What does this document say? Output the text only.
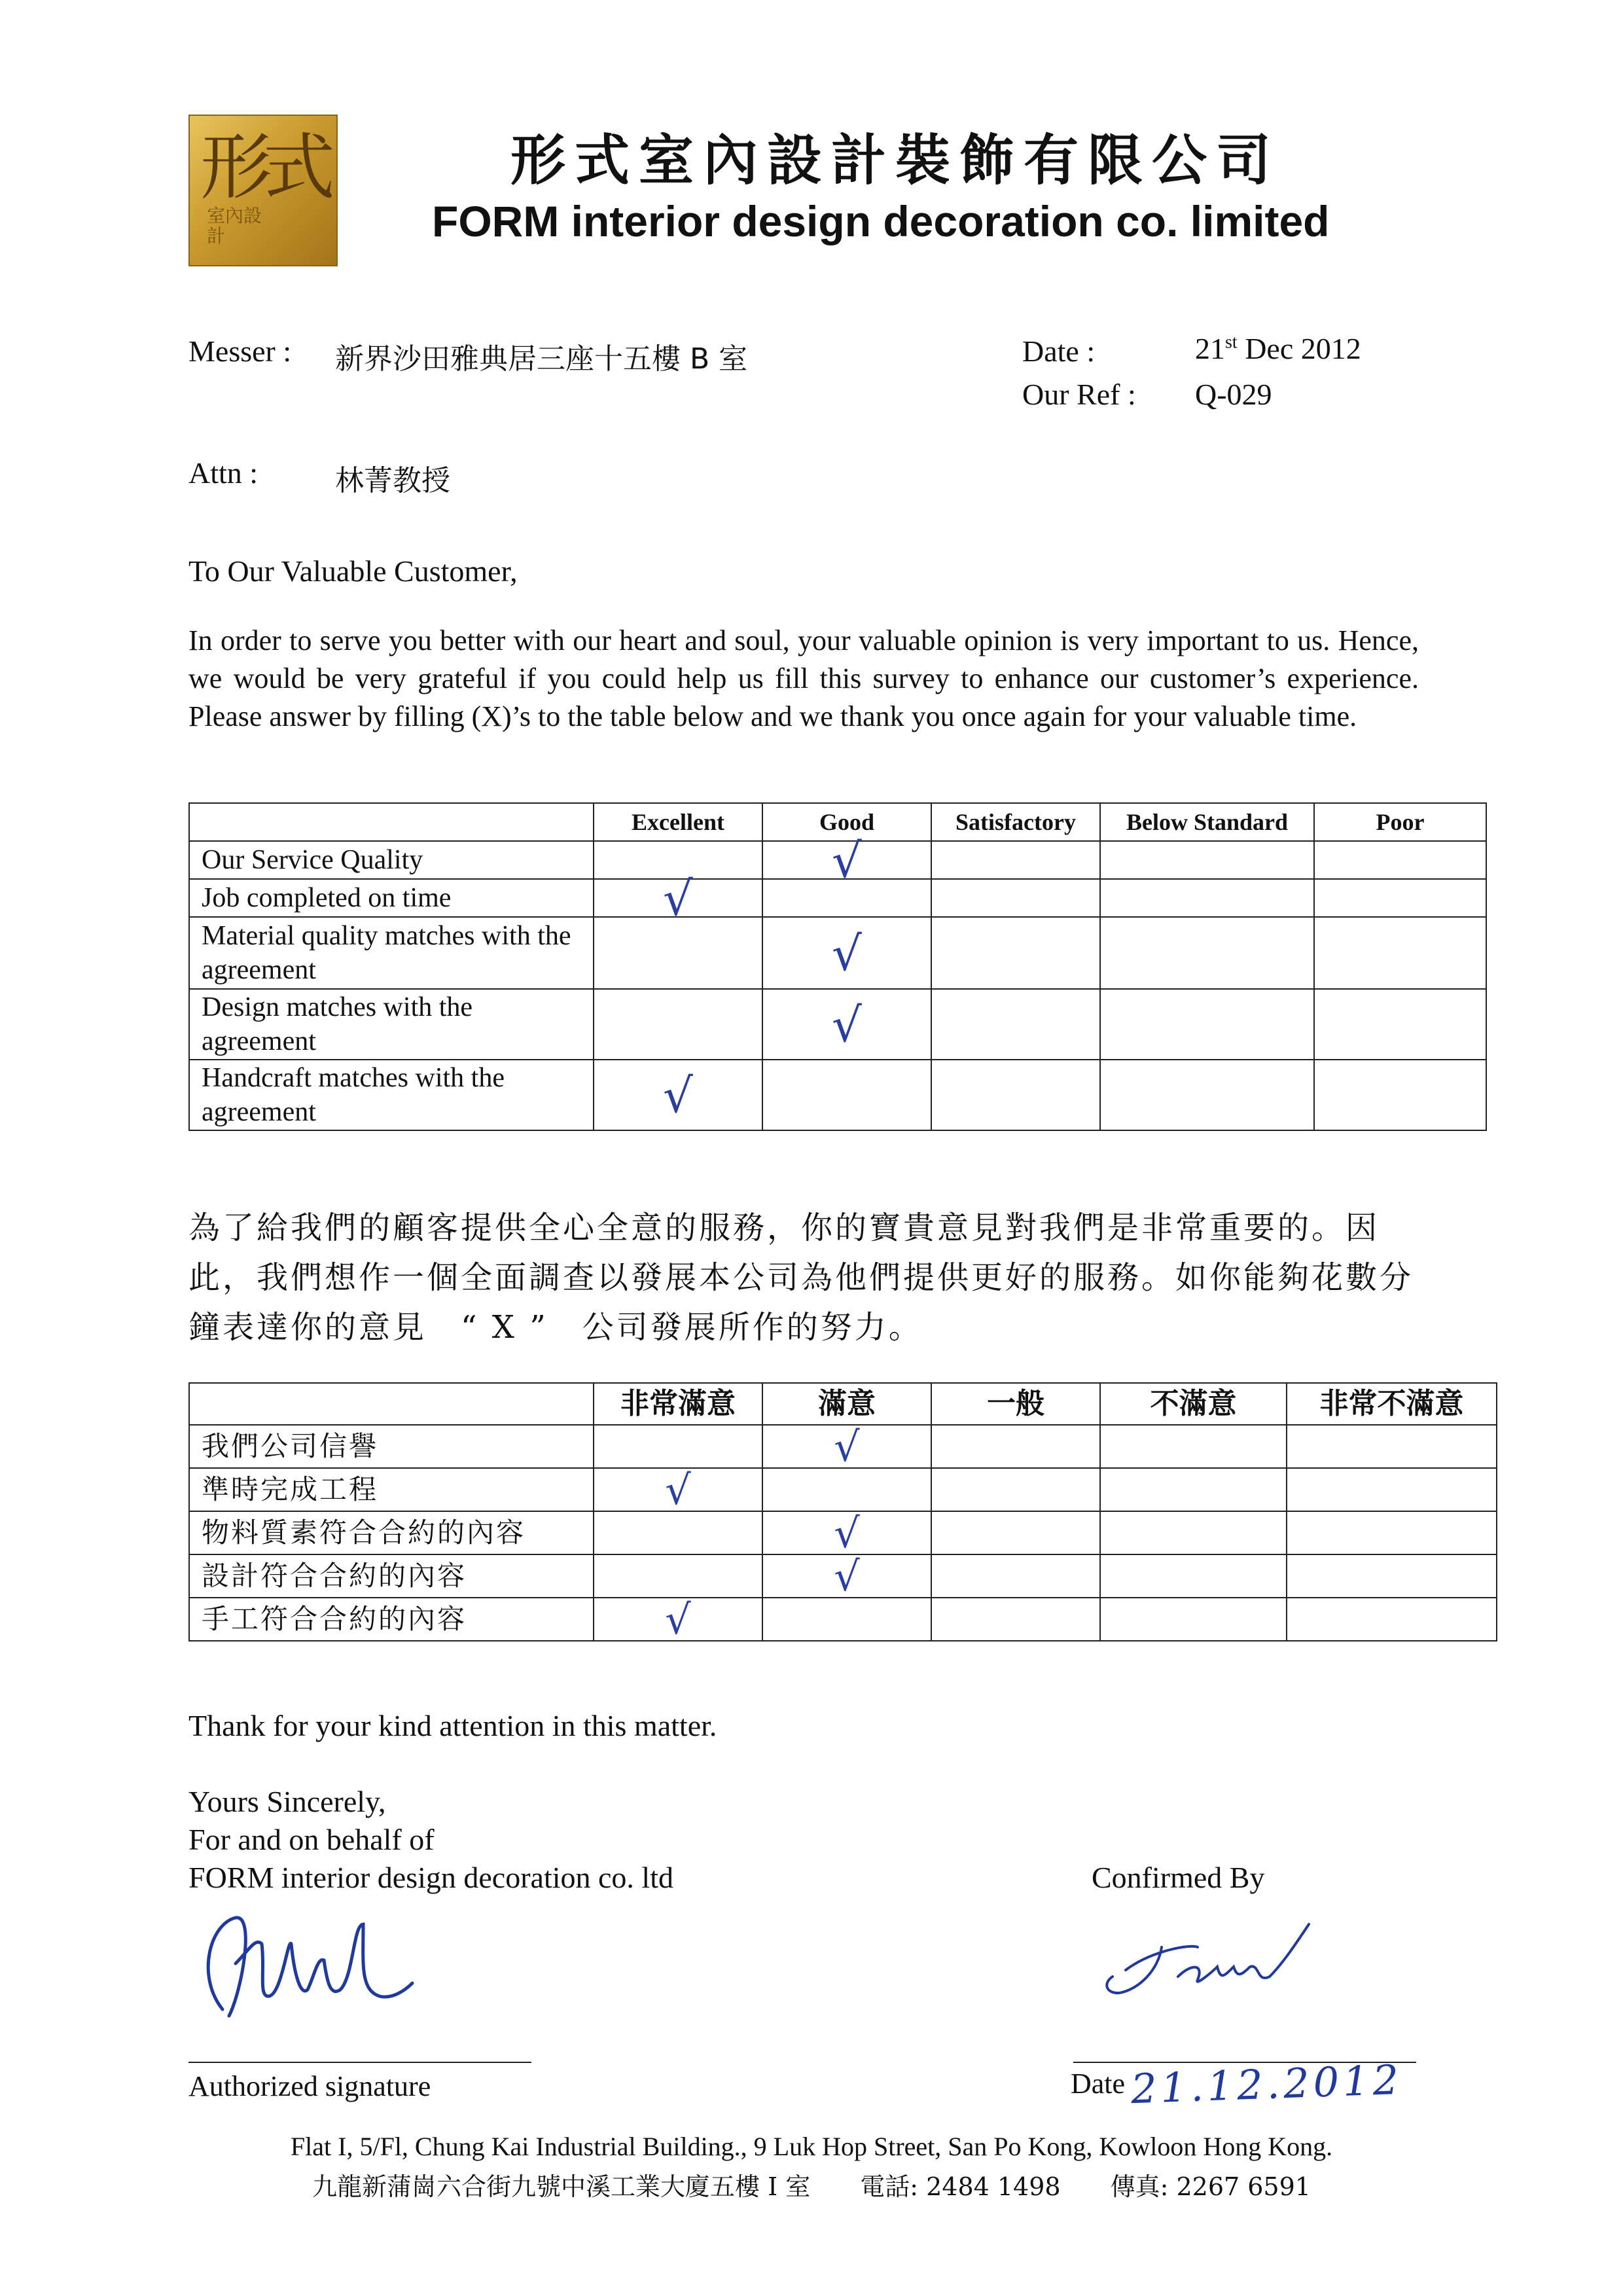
形式
室內設計
形式室內設計裝飾有限公司
FORM interior design decoration co. limited
Messer : 新界沙田雅典居三座十五樓 B 室	Date :	21st Dec 2012
Our Ref : Q-029
Attn :	林菁教授
To Our Valuable Customer,
In order to serve you better with our heart and soul, your valuable opinion is very important to us. Hence, we would be very grateful if you could help us fill this survey to enhance our customer’s experience. Please answer by filling (X)’s to the table below and we thank you once again for your valuable time.
	Excellent	Good	Satisfactory	Below Standard	Poor
Our Service Quality		√			

Job completed on time	√				

Material quality matches with the agreement		√			

Design matches with the agreement		√			

Handcraft matches with the agreement	√				

為了給我們的顧客提供全心全意的服務，你的寶貴意見對我們是非常重要的。因此，我們想作一個全面調查以發展本公司為他們提供更好的服務。如你能夠花數分鐘表達你的意見　“ X ”　公司發展所作的努力。
	非常滿意	滿意	一般	不滿意	非常不滿意
我們公司信譽		√			

準時完成工程	√				

物料質素符合合約的內容		√			

設計符合合約的內容		√			

手工符合合約的內容	√				

Thank for your kind attention in this matter.
Yours Sincerely,
For and on behalf of
FORM interior design decoration co. ltd	Confirmed By
Authorized signature	Date 21.12.2012
Flat I, 5/Fl, Chung Kai Industrial Building., 9 Luk Hop Street, San Po Kong, Kowloon Hong Kong.
九龍新蒲崗六合街九號中溪工業大廈五樓 I 室　　電話: 2484 1498　　傳真: 2267 6591
